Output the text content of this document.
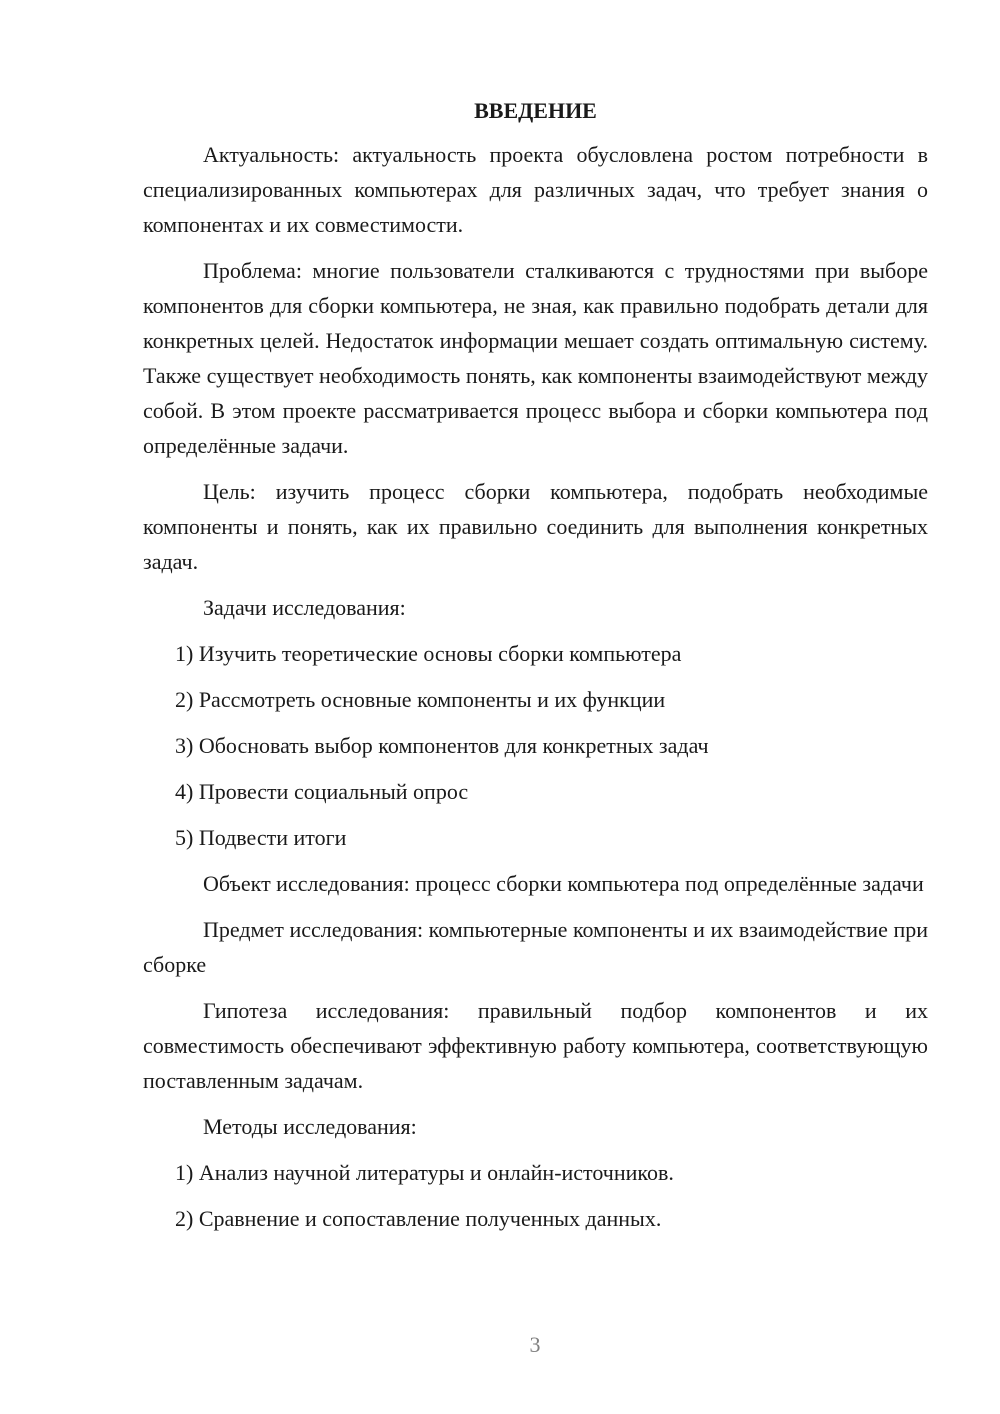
ВВЕДЕНИЕ

Актуальность: актуальность проекта обусловлена ростом потребности в специализированных компьютерах для различных задач, что требует знания о компонентах и их совместимости.

Проблема: многие пользователи сталкиваются с трудностями при выборе компонентов для сборки компьютера, не зная, как правильно подобрать детали для конкретных целей. Недостаток информации мешает создать оптимальную систему. Также существует необходимость понять, как компоненты взаимодействуют между собой. В этом проекте рассматривается процесс выбора и сборки компьютера под определённые задачи.

Цель: изучить процесс сборки компьютера, подобрать необходимые компоненты и понять, как их правильно соединить для выполнения конкретных задач.

Задачи исследования:

1) Изучить теоретические основы сборки компьютера

2) Рассмотреть основные компоненты и их функции

3) Обосновать выбор компонентов для конкретных задач

4) Провести социальный опрос

5) Подвести итоги

Объект исследования: процесс сборки компьютера под определённые задачи

Предмет исследования: компьютерные компоненты и их взаимодействие при сборке

Гипотеза исследования: правильный подбор компонентов и их совместимость обеспечивают эффективную работу компьютера, соответствующую поставленным задачам.

Методы исследования:

1) Анализ научной литературы и онлайн-источников.

2) Сравнение и сопоставление полученных данных.

3
